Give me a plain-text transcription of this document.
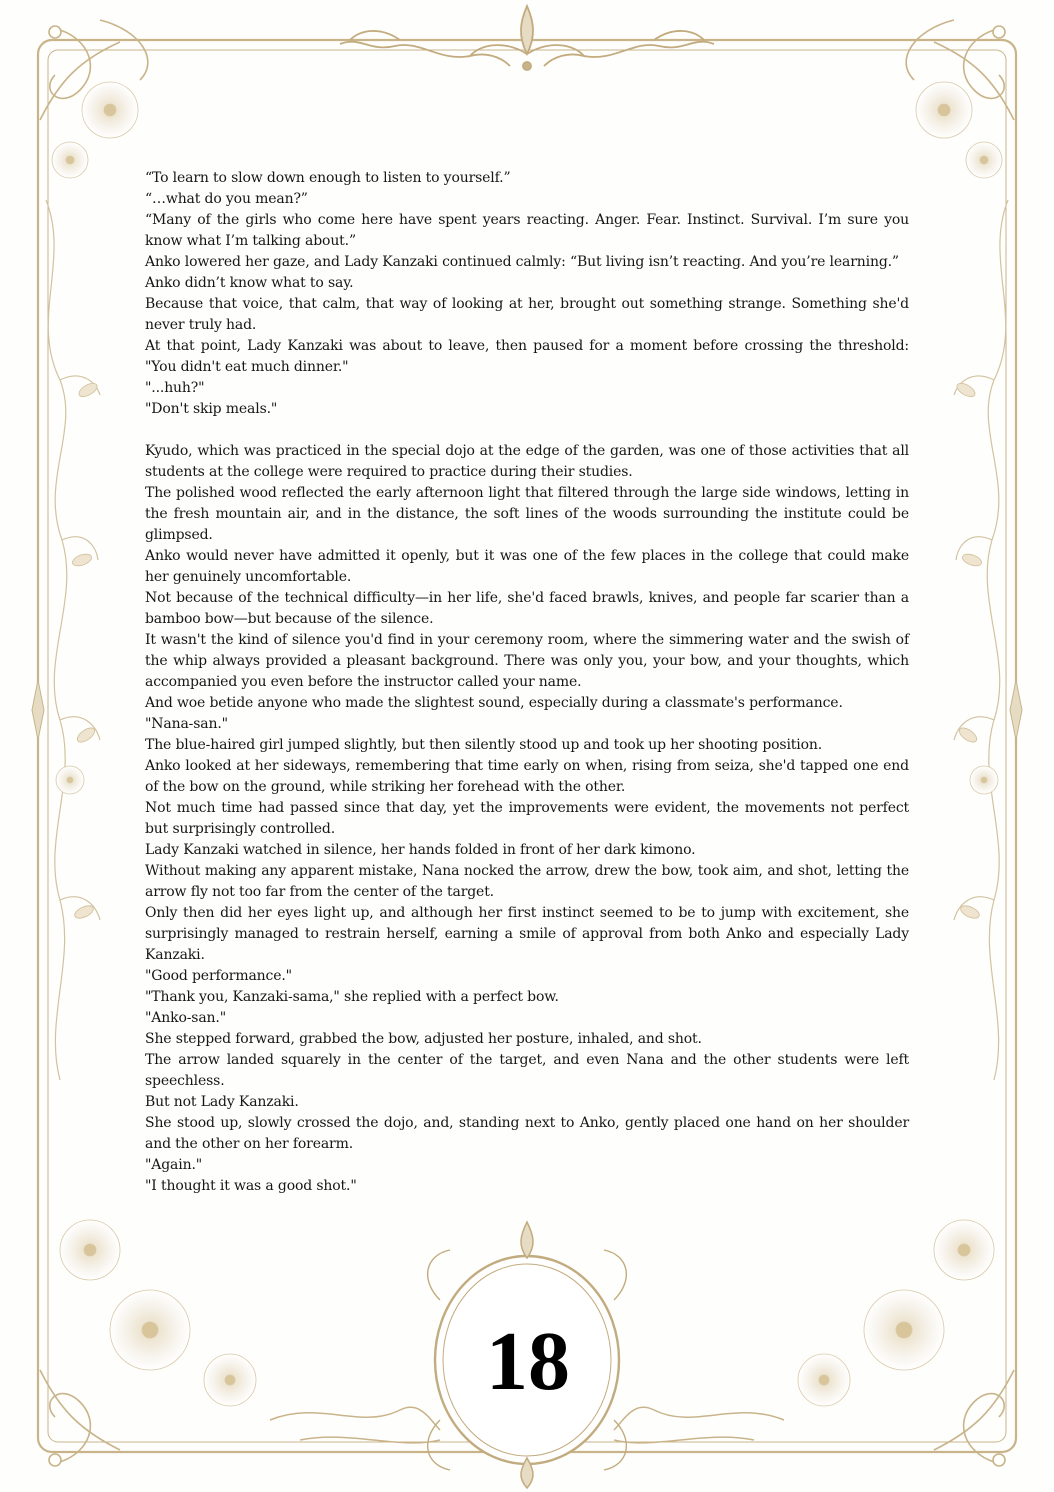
“To learn to slow down enough to listen to yourself.”

“…what do you mean?”

“Many of the girls who come here have spent years reacting. Anger. Fear. Instinct. Survival. I’m sure you know what I’m talking about.”

Anko lowered her gaze, and Lady Kanzaki continued calmly: “But living isn’t reacting. And you’re learning.”

Anko didn’t know what to say.

Because that voice, that calm, that way of looking at her, brought out something strange. Something she'd never truly had.

At that point, Lady Kanzaki was about to leave, then paused for a moment before crossing the threshold: "You didn't eat much dinner."

"...huh?"

"Don't skip meals."

Kyudo, which was practiced in the special dojo at the edge of the garden, was one of those activities that all students at the college were required to practice during their studies.

The polished wood reflected the early afternoon light that filtered through the large side windows, letting in the fresh mountain air, and in the distance, the soft lines of the woods surrounding the institute could be glimpsed.

Anko would never have admitted it openly, but it was one of the few places in the college that could make her genuinely uncomfortable.

Not because of the technical difficulty—in her life, she'd faced brawls, knives, and people far scarier than a bamboo bow—but because of the silence.

It wasn't the kind of silence you'd find in your ceremony room, where the simmering water and the swish of the whip always provided a pleasant background. There was only you, your bow, and your thoughts, which accompanied you even before the instructor called your name.

And woe betide anyone who made the slightest sound, especially during a classmate's performance.

"Nana-san."

The blue-haired girl jumped slightly, but then silently stood up and took up her shooting position.

Anko looked at her sideways, remembering that time early on when, rising from seiza, she'd tapped one end of the bow on the ground, while striking her forehead with the other.

Not much time had passed since that day, yet the improvements were evident, the movements not perfect but surprisingly controlled.

Lady Kanzaki watched in silence, her hands folded in front of her dark kimono.

Without making any apparent mistake, Nana nocked the arrow, drew the bow, took aim, and shot, letting the arrow fly not too far from the center of the target.

Only then did her eyes light up, and although her first instinct seemed to be to jump with excitement, she surprisingly managed to restrain herself, earning a smile of approval from both Anko and especially Lady Kanzaki.

"Good performance."

"Thank you, Kanzaki-sama," she replied with a perfect bow.

"Anko-san."

She stepped forward, grabbed the bow, adjusted her posture, inhaled, and shot.

The arrow landed squarely in the center of the target, and even Nana and the other students were left speechless.

But not Lady Kanzaki.

She stood up, slowly crossed the dojo, and, standing next to Anko, gently placed one hand on her shoulder and the other on her forearm.

"Again."

"I thought it was a good shot."

18
